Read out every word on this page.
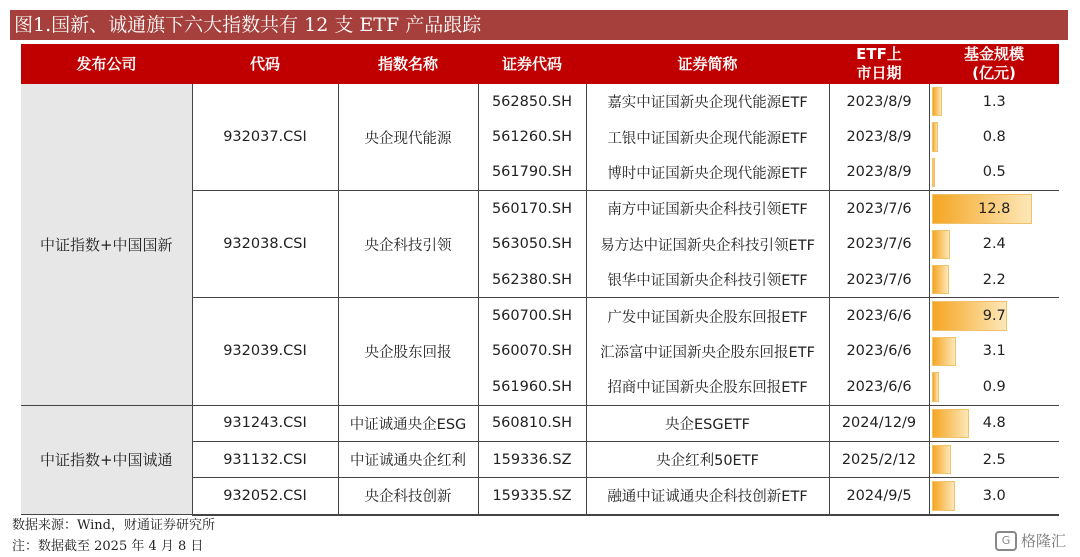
图1.国新、诚通旗下六大指数共有 12 支 ETF 产品跟踪
发布公司	代码	指数名称	证券代码	证券简称	ETF上市日期	基金规模(亿元)

中证指数+中国国新	932037.CSI	央企现代能源	562850.SH	嘉实中证国新央企现代能源ETF	2023/8/9	1.3

			561260.SH	工银中证国新央企现代能源ETF	2023/8/9	0.8

			561790.SH	博时中证国新央企现代能源ETF	2023/8/9	0.5

	932038.CSI	央企科技引领	560170.SH	南方中证国新央企科技引领ETF	2023/7/6	12.8

			563050.SH	易方达中证国新央企科技引领ETF	2023/7/6	2.4

			562380.SH	银华中证国新央企科技引领ETF	2023/7/6	2.2

	932039.CSI	央企股东回报	560700.SH	广发中证国新央企股东回报ETF	2023/6/6	9.7

			560070.SH	汇添富中证国新央企股东回报ETF	2023/6/6	3.1

			561960.SH	招商中证国新央企股东回报ETF	2023/6/6	0.9

中证指数+中国诚通	931243.CSI	中证诚通央企ESG	560810.SH	央企ESGETF	2024/12/9	4.8

	931132.CSI	中证诚通央企红利	159336.SZ	央企红利50ETF	2025/2/12	2.5

	932052.CSI	央企科技创新	159335.SZ	融通中证诚通央企科技创新ETF	2024/9/5	3.0
数据来源：Wind，财通证券研究所
注：数据截至 2025 年 4 月 8 日	G 格隆汇
